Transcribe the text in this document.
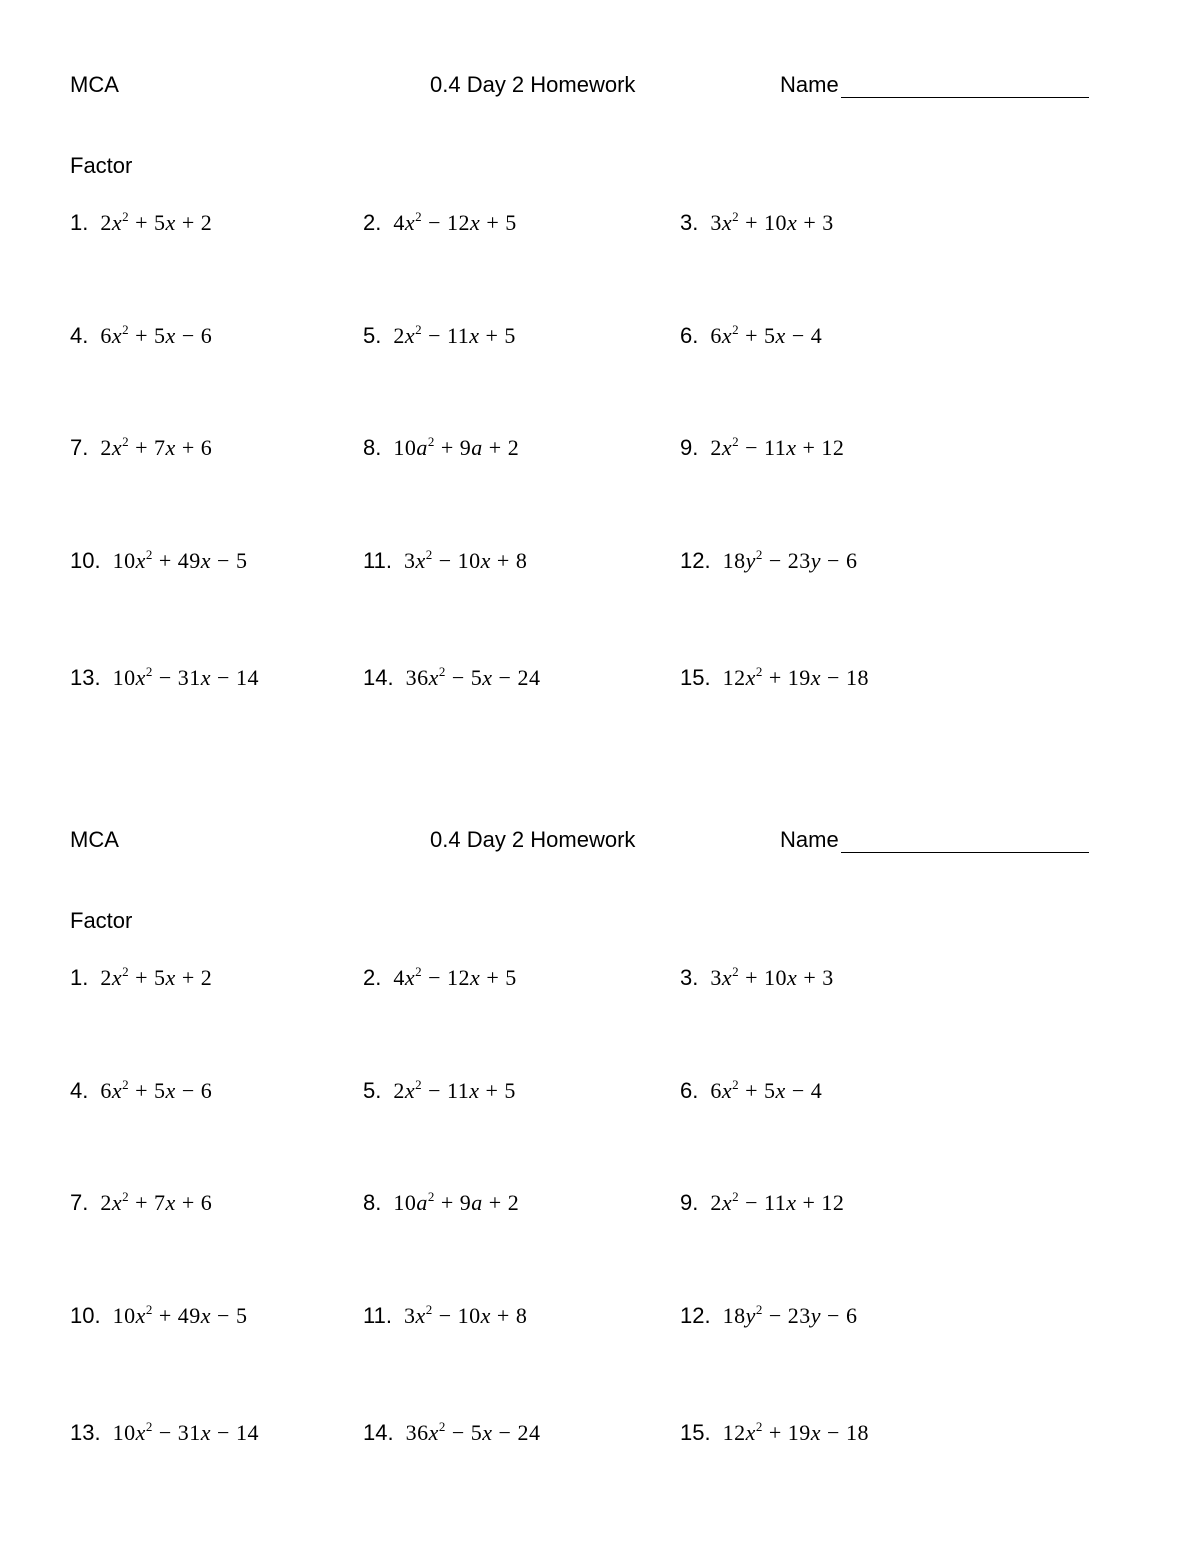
MCA	0.4 Day 2 Homework	Name
Factor
1. $2x^2 + 5x + 2$	2. $4x^2 - 12x + 5$	3. $3x^2 + 10x + 3$
4. $6x^2 + 5x - 6$	5. $2x^2 - 11x + 5$	6. $6x^2 + 5x - 4$
7. $2x^2 + 7x + 6$	8. $10a^2 + 9a + 2$	9. $2x^2 - 11x + 12$
10. $10x^2 + 49x - 5$	11. $3x^2 - 10x + 8$	12. $18y^2 - 23y - 6$
13. $10x^2 - 31x - 14$	14. $36x^2 - 5x - 24$	15. $12x^2 + 19x - 18$
MCA	0.4 Day 2 Homework	Name
Factor
1. $2x^2 + 5x + 2$	2. $4x^2 - 12x + 5$	3. $3x^2 + 10x + 3$
4. $6x^2 + 5x - 6$	5. $2x^2 - 11x + 5$	6. $6x^2 + 5x - 4$
7. $2x^2 + 7x + 6$	8. $10a^2 + 9a + 2$	9. $2x^2 - 11x + 12$
10. $10x^2 + 49x - 5$	11. $3x^2 - 10x + 8$	12. $18y^2 - 23y - 6$
13. $10x^2 - 31x - 14$	14. $36x^2 - 5x - 24$	15. $12x^2 + 19x - 18$
